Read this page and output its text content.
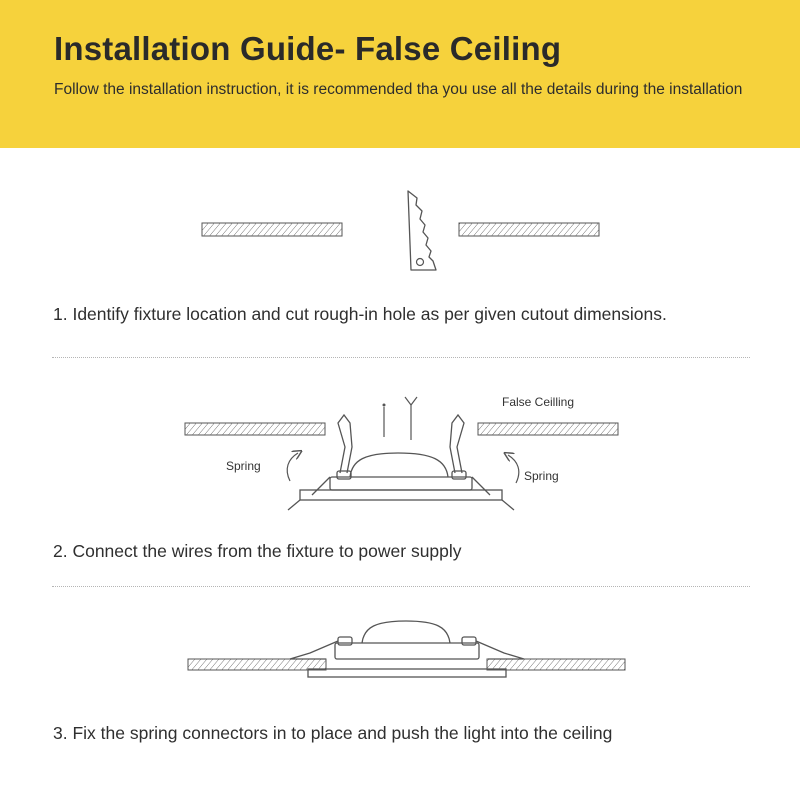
Installation Guide- False Ceiling
Follow the installation instruction, it is recommended tha you use all the details during the installation
1. Identify fixture location and cut rough-in hole as per given cutout dimensions.
False Ceilling
Spring
Spring
2. Connect the wires from the fixture to power supply
3. Fix the spring connectors in to place and push the light into the ceiling
